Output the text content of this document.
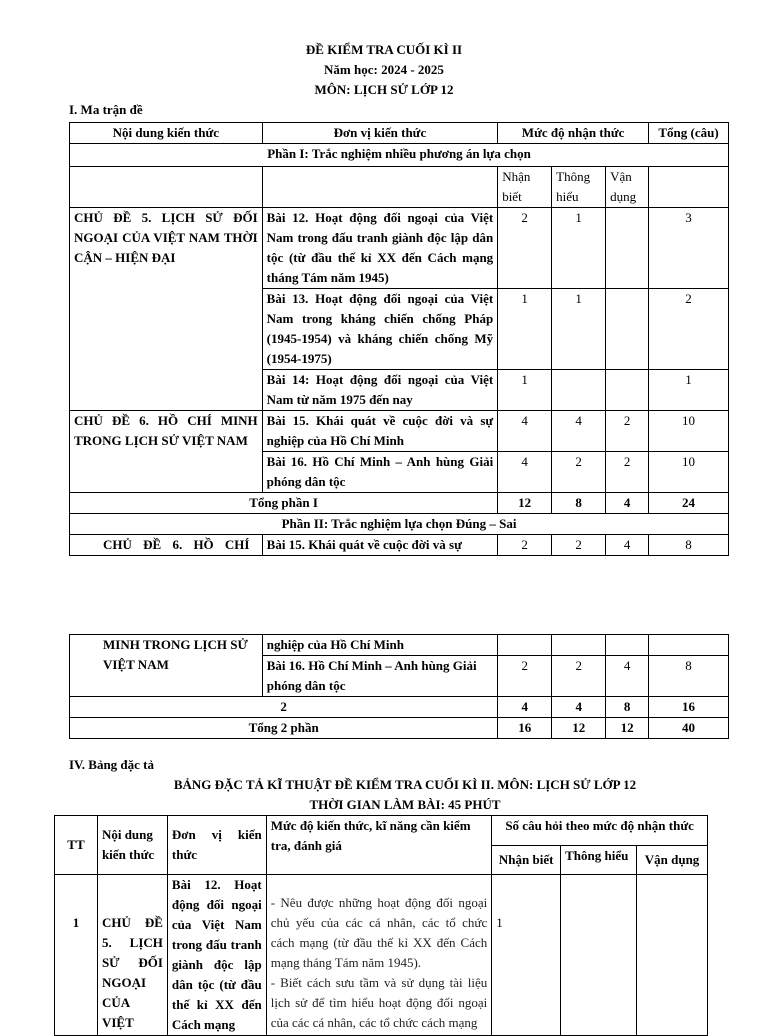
ĐỀ KIỂM TRA CUỐI KÌ II
Năm học: 2024 - 2025
MÔN: LỊCH SỬ LỚP 12
I. Ma trận đề
Nội dung kiến thức	Đơn vị kiến thức	Mức độ nhận thức			Tổng (câu)
Phần I: Trắc nghiệm nhiều phương án lựa chọn					
		Nhận biết	Thông hiểu	Vận dụng	
CHỦ ĐỀ 5. LỊCH SỬ ĐỐI NGOẠI CỦA VIỆT NAM THỜI CẬN – HIỆN ĐẠI	Bài 12. Hoạt động đối ngoại của Việt Nam trong đấu tranh giành độc lập dân tộc (từ đầu thế kỉ XX đến Cách mạng tháng Tám năm 1945)	2	1		3
	Bài 13. Hoạt động đối ngoại của Việt Nam trong kháng chiến chống Pháp (1945-1954) và kháng chiến chống Mỹ (1954-1975)	1	1		2
	Bài 14: Hoạt động đối ngoại của Việt Nam từ năm 1975 đến nay	1			1
CHỦ ĐỀ 6. HỒ CHÍ MINH TRONG LỊCH SỬ VIỆT NAM	Bài 15. Khái quát về cuộc đời và sự nghiệp của Hồ Chí Minh	4	4	2	10
	Bài 16. Hồ Chí Minh – Anh hùng Giải phóng dân tộc	4	2	2	10
Tổng phần I		12	8	4	24
Phần II: Trắc nghiệm lựa chọn Đúng – Sai					
CHỦ ĐỀ 6. HỒ CHÍ	Bài 15. Khái quát về cuộc đời và sự	2	2	4	8
MINH TRONG LỊCH SỬ VIỆT NAM	nghiệp của Hồ Chí Minh				
	Bài 16. Hồ Chí Minh – Anh hùng Giải phóng dân tộc	2	2	4	8
2		4	4	8	16
Tổng 2 phần		16	12	12	40
IV. Bảng đặc tả
BẢNG ĐẶC TẢ KĨ THUẬT ĐỀ KIỂM TRA CUỐI KÌ II. MÔN: LỊCH SỬ LỚP 12
THỜI GIAN LÀM BÀI: 45 PHÚT
TT	Nội dung kiến thức	Đơn vị kiến thức	Mức độ kiến thức, kĩ năng cần kiểm tra, đánh giá	Số câu hỏi theo mức độ nhận thức		
				Nhận biết	Thông hiểu	Vận dụng
1	CHỦ ĐỀ 5. LỊCH SỬ ĐỐI NGOẠI CỦA VIỆT	Bài 12. Hoạt động đối ngoại của Việt Nam trong đấu tranh giành độc lập dân tộc (từ đầu thế kỉ XX đến Cách mạng	- Nêu được những hoạt động đối ngoại chủ yếu của các cá nhân, các tổ chức cách mạng (từ đầu thế kỉ XX đến Cách mạng tháng Tám năm 1945).
- Biết cách sưu tầm và sử dụng tài liệu lịch sử để tìm hiểu hoạt động đối ngoại của các cá nhân, các tổ chức cách mạng	1		
